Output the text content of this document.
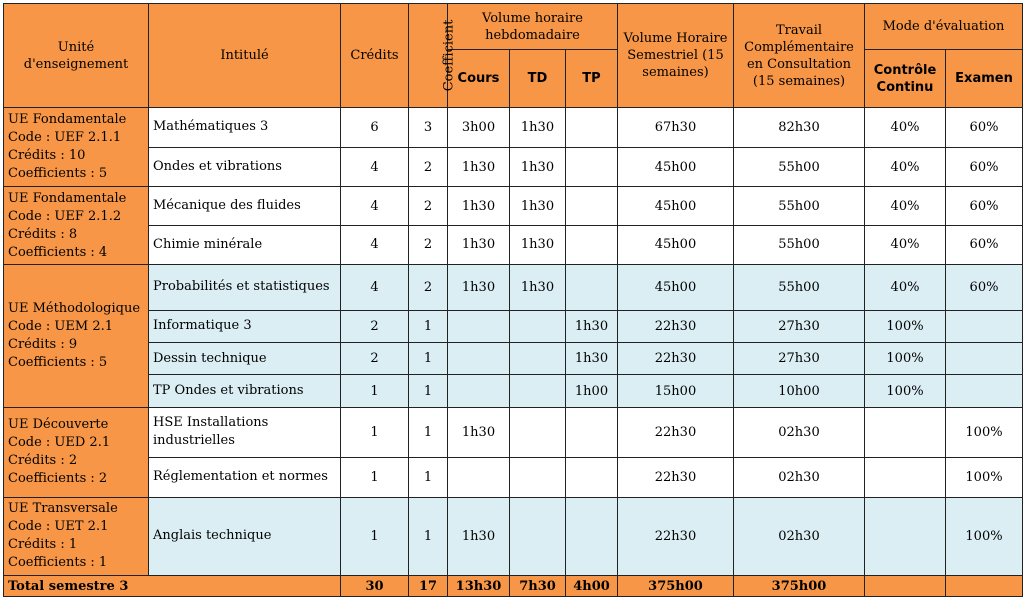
Unité d'enseignement	Intitulé	Crédits	Coefficient	Volume horaire hebdomadaire			Volume Horaire Semestriel (15 semaines)	Travail Complémentaire en Consultation (15 semaines)	Mode d'évaluation	
				Cours	TD	TP			Contrôle Continu	Examen

UE Fondamentale
Code : UEF 2.1.1
Crédits : 10
Coefficients : 5	Mathématiques 3	6	3	3h00	1h30		67h30	82h30	40%	60%
	Ondes et vibrations	4	2	1h30	1h30		45h00	55h00	40%	60%

UE Fondamentale
Code : UEF 2.1.2
Crédits : 8
Coefficients : 4	Mécanique des fluides	4	2	1h30	1h30		45h00	55h00	40%	60%
	Chimie minérale	4	2	1h30	1h30		45h00	55h00	40%	60%

UE Méthodologique
Code : UEM 2.1
Crédits : 9
Coefficients : 5	Probabilités et statistiques	4	2	1h30	1h30		45h00	55h00	40%	60%
	Informatique 3	2	1			1h30	22h30	27h30	100%	
	Dessin technique	2	1			1h30	22h30	27h30	100%	
	TP Ondes et vibrations	1	1			1h00	15h00	10h00	100%	

UE Découverte
Code : UED 2.1
Crédits : 2
Coefficients : 2	HSE Installations industrielles	1	1	1h30			22h30	02h30		100%
	Réglementation et normes	1	1				22h30	02h30		100%

UE Transversale
Code : UET 2.1
Crédits : 1
Coefficients : 1	Anglais technique	1	1	1h30			22h30	02h30		100%
Total semestre 3		30	17	13h30	7h30	4h00	375h00	375h00		
